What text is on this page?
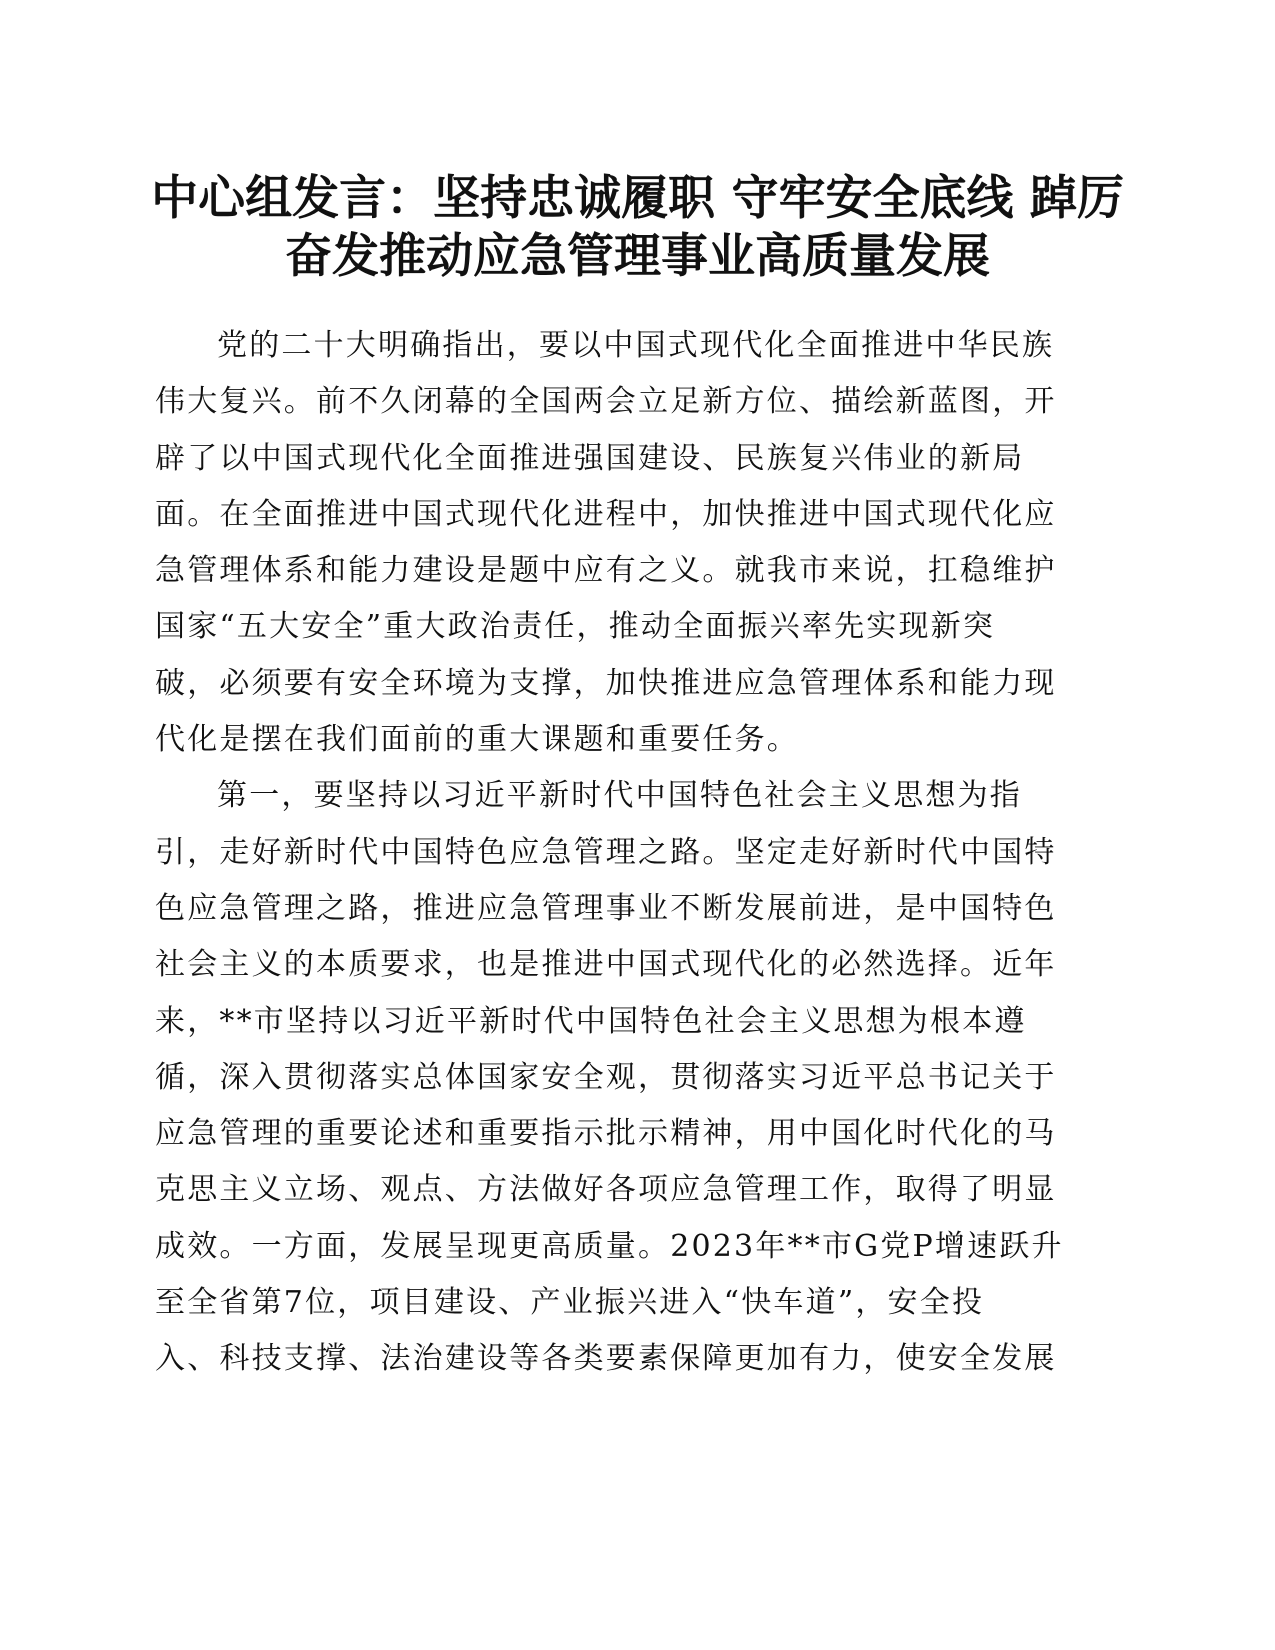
中心组发言：坚持忠诚履职 守牢安全底线 踔厉
奋发推动应急管理事业高质量发展
党的二十大明确指出，要以中国式现代化全面推进中华民族
伟大复兴。前不久闭幕的全国两会立足新方位、描绘新蓝图，开
辟了以中国式现代化全面推进强国建设、民族复兴伟业的新局
面。在全面推进中国式现代化进程中，加快推进中国式现代化应
急管理体系和能力建设是题中应有之义。就我市来说，扛稳维护
国家“五大安全”重大政治责任，推动全面振兴率先实现新突
破，必须要有安全环境为支撑，加快推进应急管理体系和能力现
代化是摆在我们面前的重大课题和重要任务。
第一，要坚持以习近平新时代中国特色社会主义思想为指
引，走好新时代中国特色应急管理之路。坚定走好新时代中国特
色应急管理之路，推进应急管理事业不断发展前进，是中国特色
社会主义的本质要求，也是推进中国式现代化的必然选择。近年
来，**市坚持以习近平新时代中国特色社会主义思想为根本遵
循，深入贯彻落实总体国家安全观，贯彻落实习近平总书记关于
应急管理的重要论述和重要指示批示精神，用中国化时代化的马
克思主义立场、观点、方法做好各项应急管理工作，取得了明显
成效。一方面，发展呈现更高质量。2023年**市G党P增速跃升
至全省第7位，项目建设、产业振兴进入“快车道”，安全投
入、科技支撑、法治建设等各类要素保障更加有力，使安全发展
